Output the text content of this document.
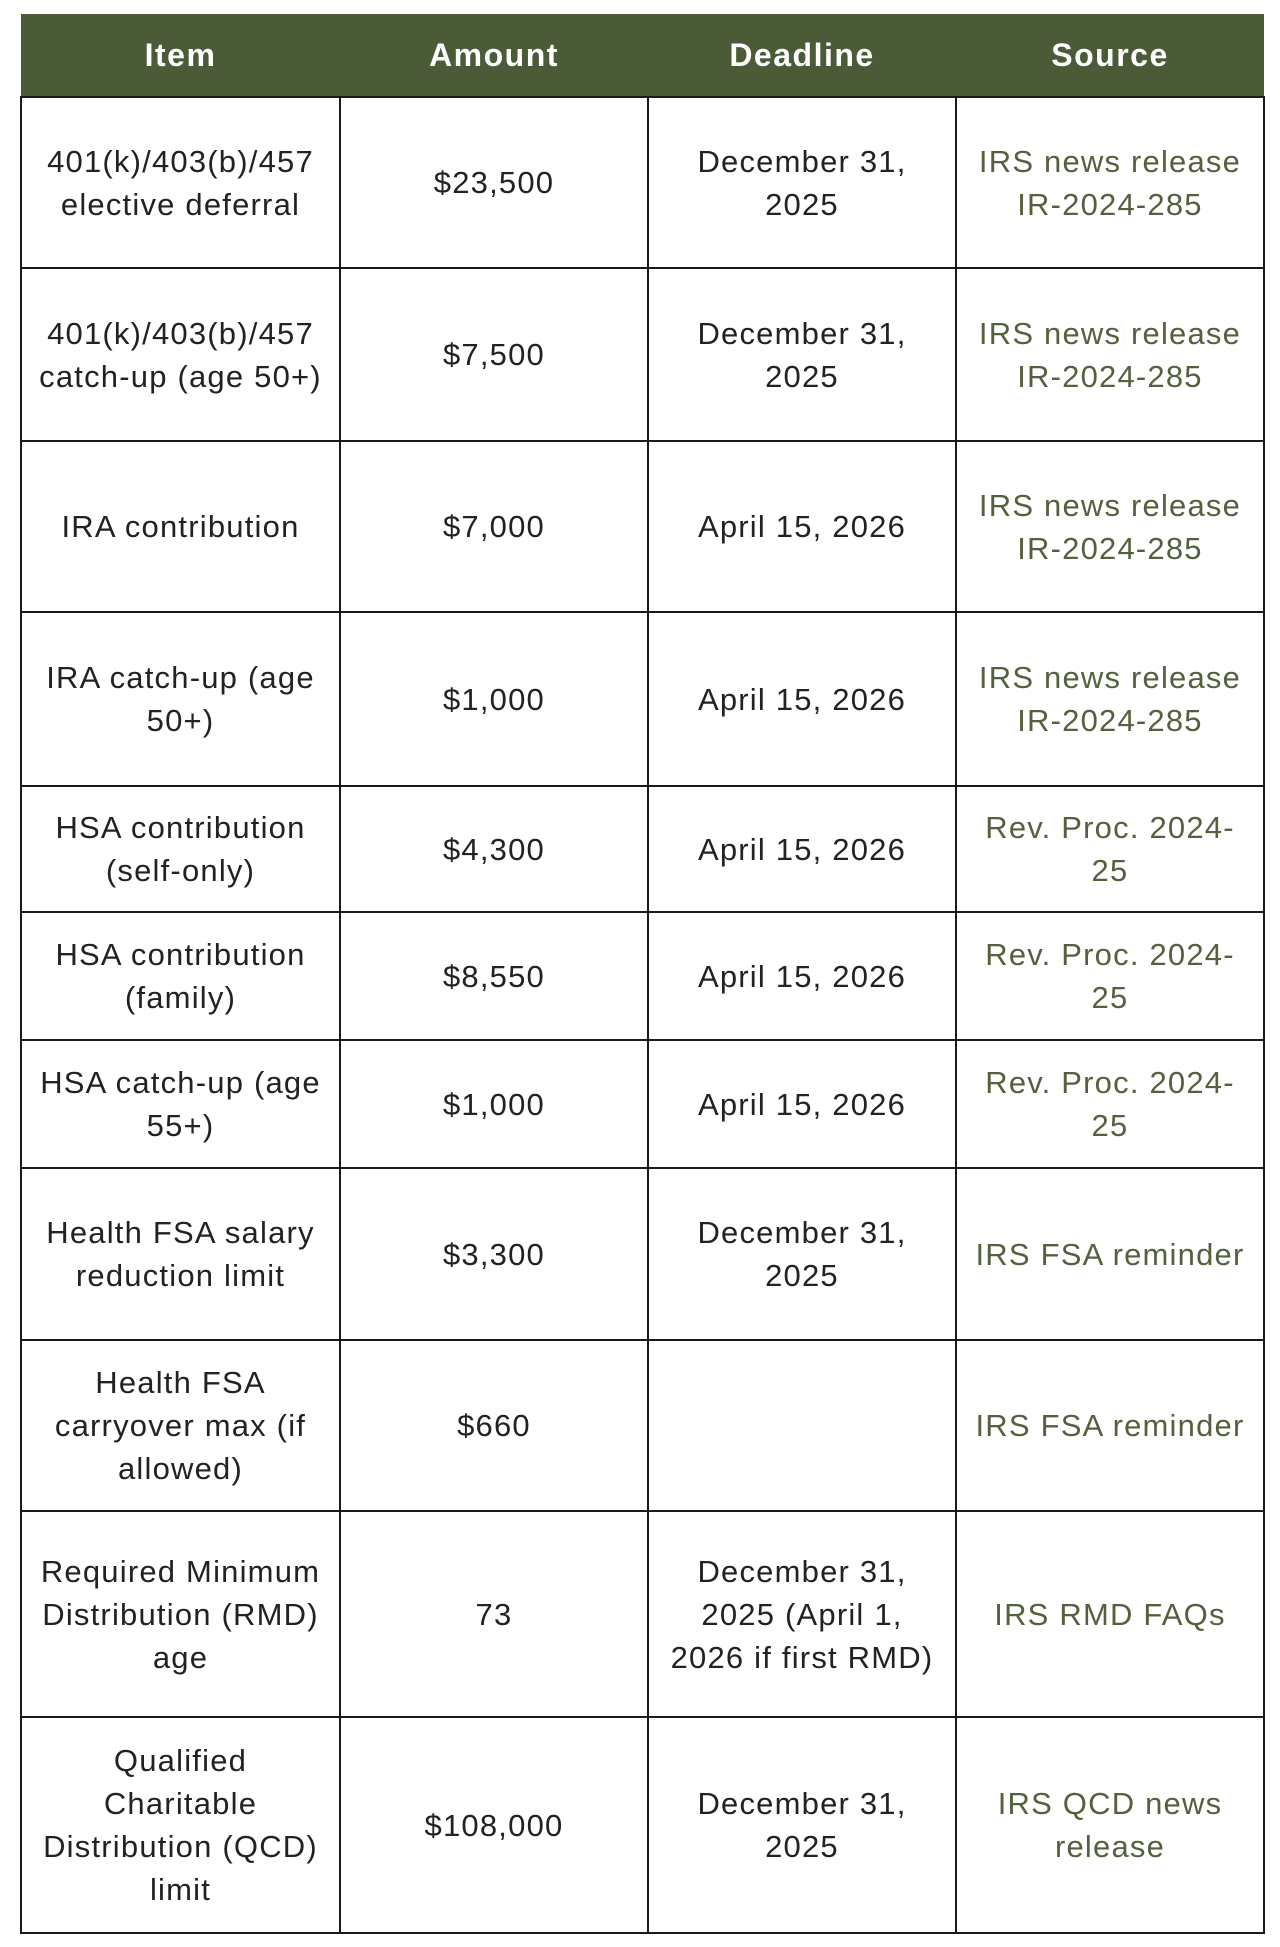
Item	Amount	Deadline	Source
401(k)/403(b)/457 elective deferral	$23,500	December 31, 2025	IRS news release IR-2024-285
401(k)/403(b)/457 catch-up (age 50+)	$7,500	December 31, 2025	IRS news release IR-2024-285
IRA contribution	$7,000	April 15, 2026	IRS news release IR-2024-285
IRA catch-up (age 50+)	$1,000	April 15, 2026	IRS news release IR-2024-285
HSA contribution (self-only)	$4,300	April 15, 2026	Rev. Proc. 2024-25
HSA contribution (family)	$8,550	April 15, 2026	Rev. Proc. 2024-25
HSA catch-up (age 55+)	$1,000	April 15, 2026	Rev. Proc. 2024-25
Health FSA salary reduction limit	$3,300	December 31, 2025	IRS FSA reminder
Health FSA carryover max (if allowed)	$660		IRS FSA reminder
Required Minimum Distribution (RMD) age	73	December 31, 2025 (April 1, 2026 if first RMD)	IRS RMD FAQs
Qualified Charitable Distribution (QCD) limit	$108,000	December 31, 2025	IRS QCD news release
